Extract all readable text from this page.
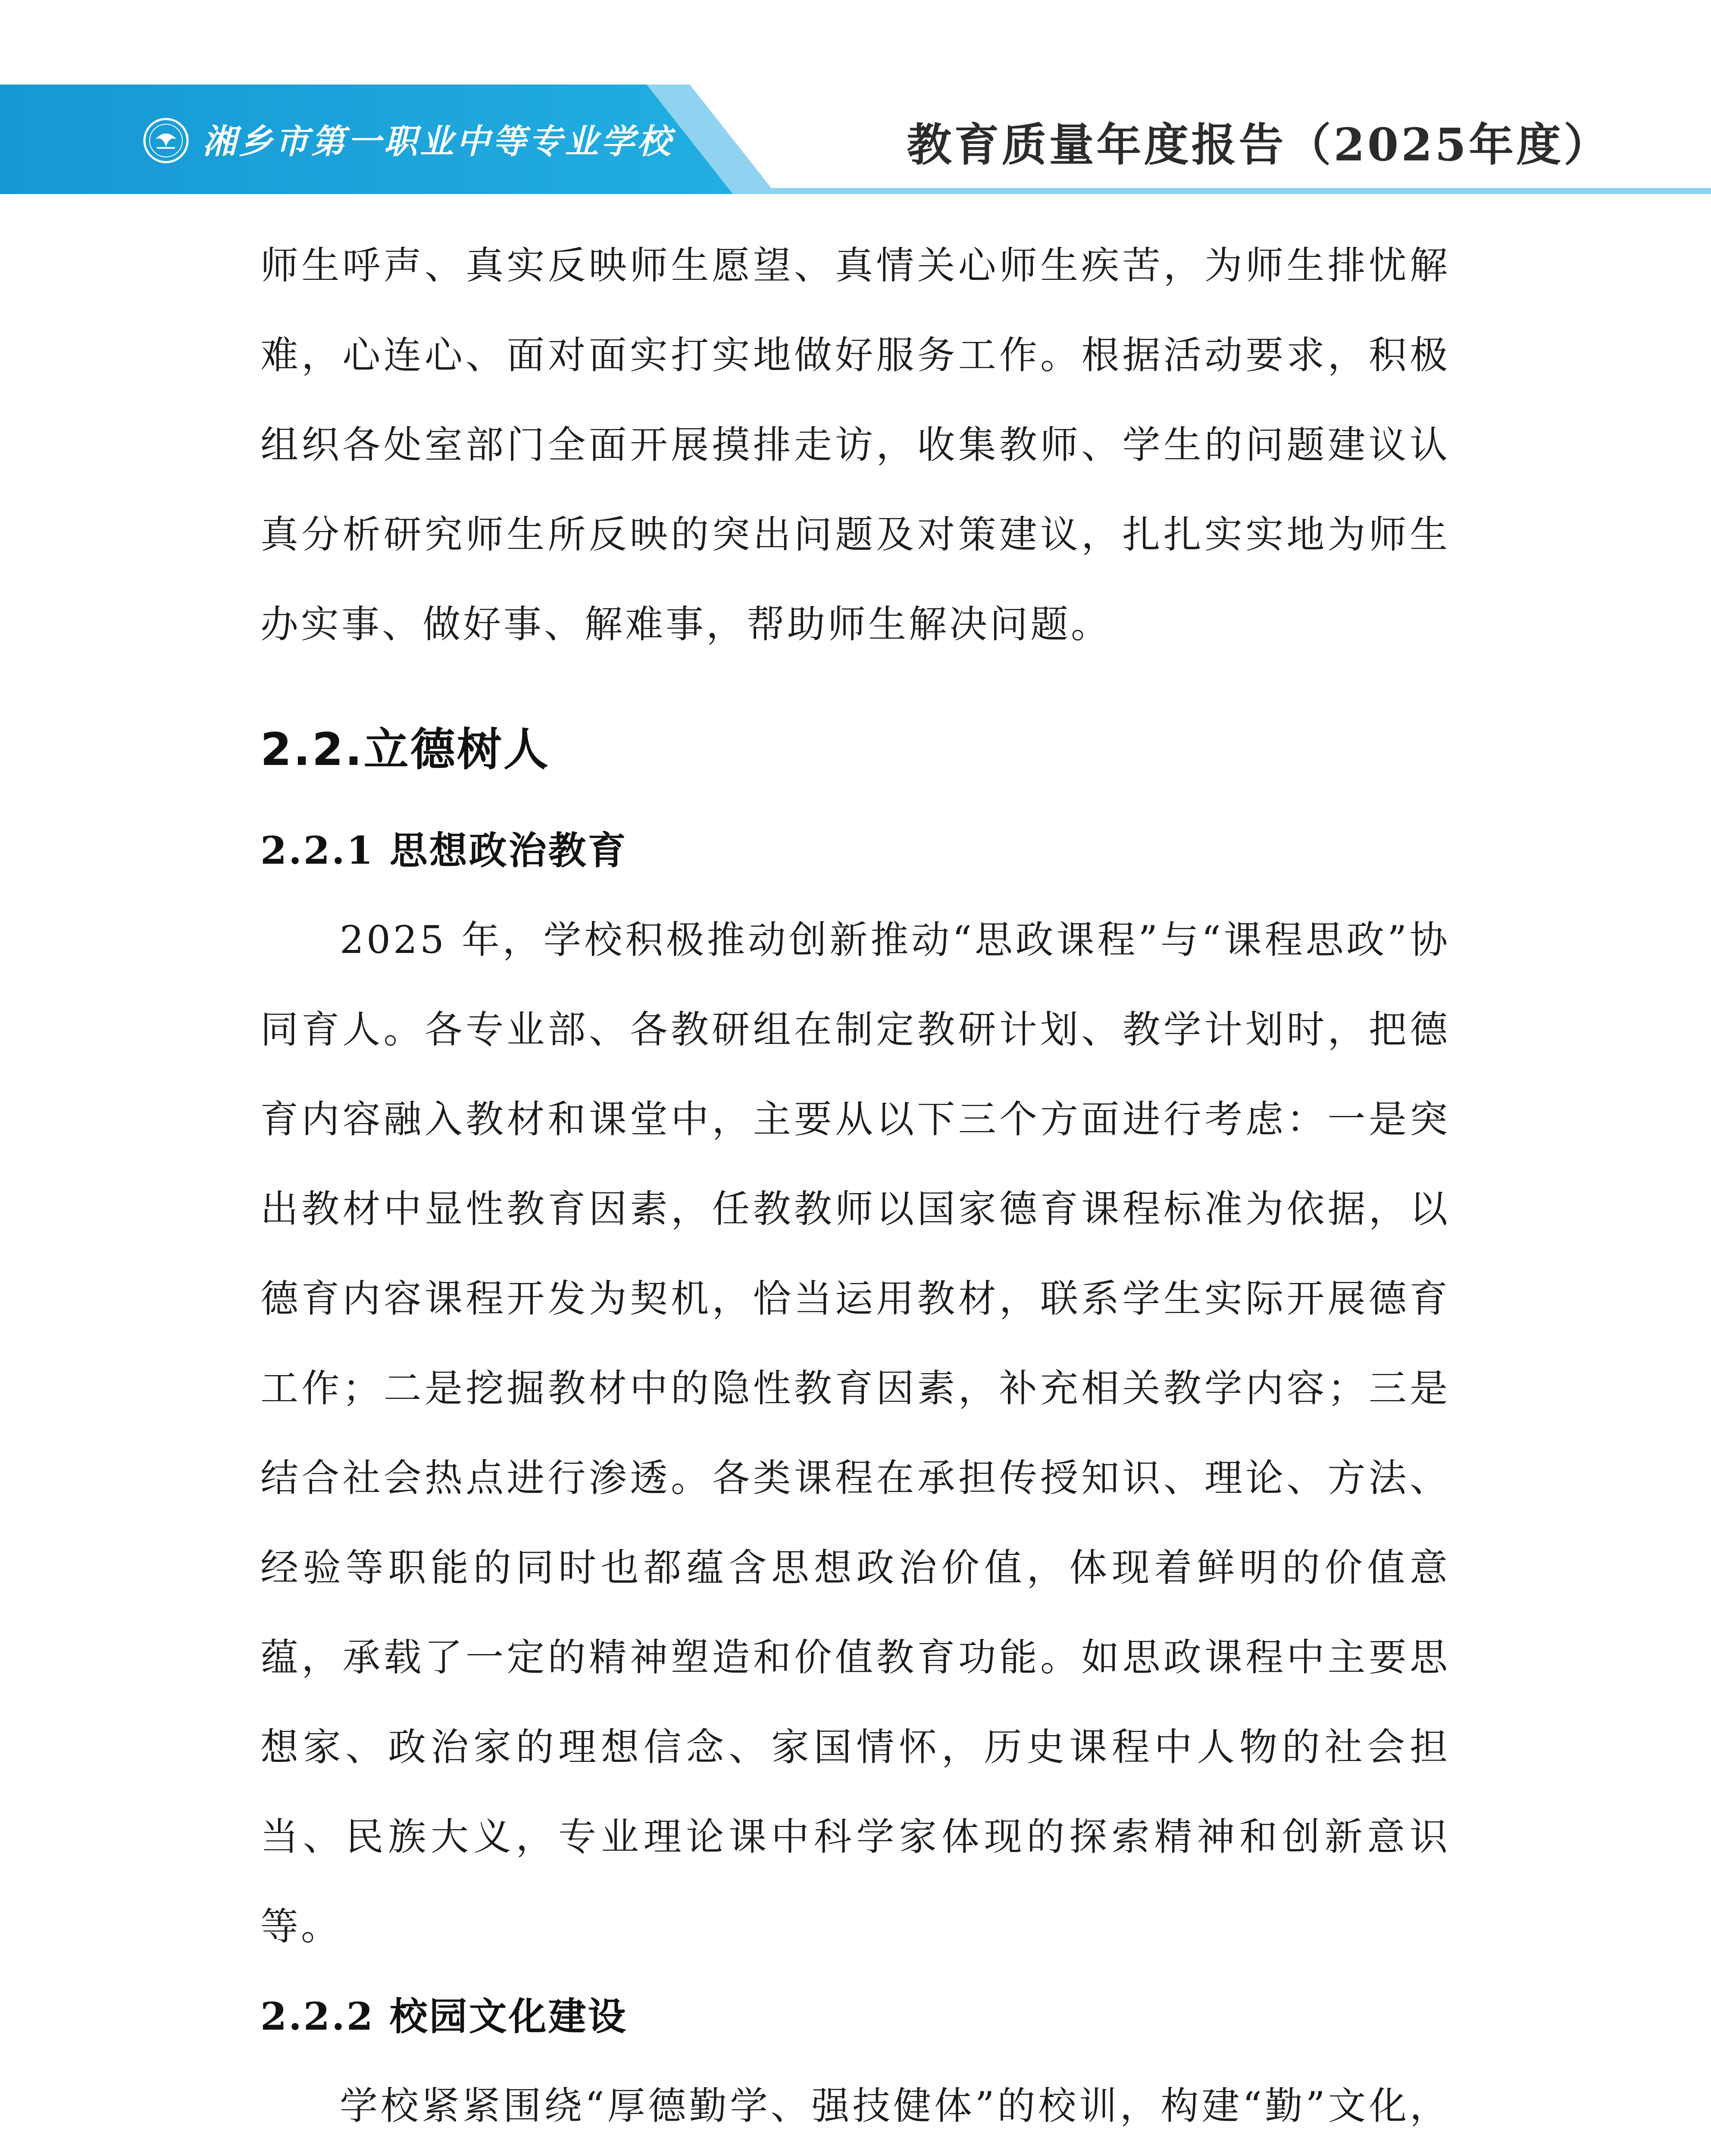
湘乡市第一职业中等专业学校	教育质量年度报告（2025年度）

师生呼声、真实反映师生愿望、真情关心师生疾苦，为师生排忧解难，心连心、面对面实打实地做好服务工作。根据活动要求，积极组织各处室部门全面开展摸排走访，收集教师、学生的问题建议认真分析研究师生所反映的突出问题及对策建议，扎扎实实地为师生办实事、做好事、解难事，帮助师生解决问题。

2.2.立德树人
2.2.1 思想政治教育

2025 年，学校积极推动创新推动“思政课程”与“课程思政”协同育人。各专业部、各教研组在制定教研计划、教学计划时，把德育内容融入教材和课堂中，主要从以下三个方面进行考虑：一是突出教材中显性教育因素，任教教师以国家德育课程标准为依据，以德育内容课程开发为契机，恰当运用教材，联系学生实际开展德育工作；二是挖掘教材中的隐性教育因素，补充相关教学内容；三是结合社会热点进行渗透。各类课程在承担传授知识、理论、方法、经验等职能的同时也都蕴含思想政治价值，体现着鲜明的价值意蕴，承载了一定的精神塑造和价值教育功能。如思政课程中主要思想家、政治家的理想信念、家国情怀，历史课程中人物的社会担当、民族大义，专业理论课中科学家体现的探索精神和创新意识等。

2.2.2 校园文化建设

学校紧紧围绕“厚德勤学、强技健体”的校训，构建“勤”文化，
